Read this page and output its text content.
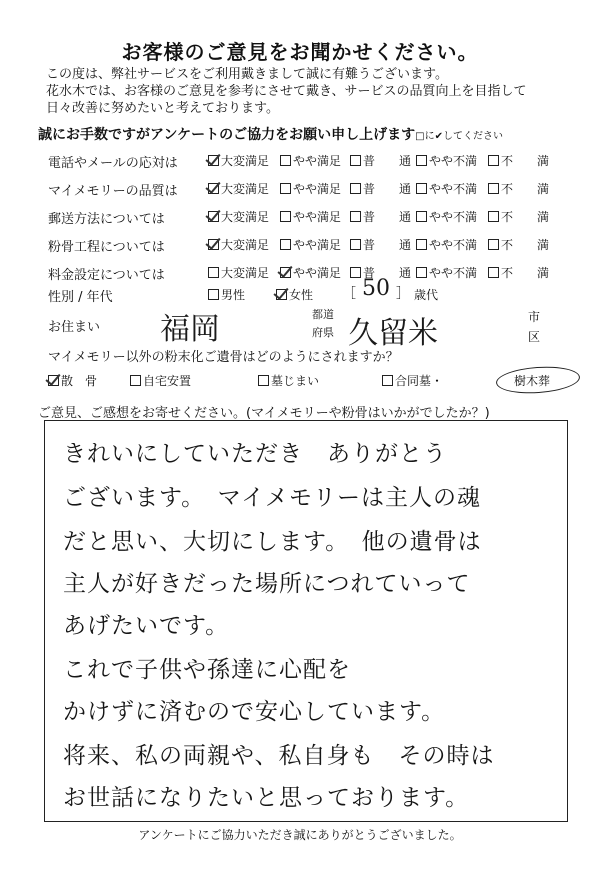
お客様のご意見をお聞かせください。
この度は、弊社サービスをご利用戴きまして誠に有難うございます。
花水木では、お客様のご意見を参考にさせて戴き、サービスの品質向上を目指して
日々改善に努めたいと考えております。
誠にお手数ですがアンケートのご協力をお願い申し上げます□に✔してください
電話やメールの応対は	大変満足	やや満足	普　　通	やや不満	不　　満
マイメモリーの品質は	大変満足	やや満足	普　　通	やや不満	不　　満
郵送方法については	大変満足	やや満足	普　　通	やや不満	不　　満
粉骨工程については	大変満足	やや満足	普　　通	やや不満	不　　満
料金設定については	大変満足	やや満足	普　　通	やや不満	不　　満
性別 / 年代	男性	女性 ［ 50 ］ 歳代
お住まい 福岡	都道
府県 久留米	市
区
マイメモリー以外の粉末化ご遺骨はどのようにされますか？
散　骨	自宅安置	墓じまい	合同墓・	樹木葬
ご意見、ご感想をお寄せください。(マイメモリーや粉骨はいかがでしたか？)
きれいにしていただき　ありがとう
ございます。　マイメモリーは主人の魂
だと思い、大切にします。　他の遺骨は
主人が好きだった場所につれていって
あげたいです。
これで子供や孫達に心配を
かけずに済むので安心しています。
将来、私の両親や、私自身も　その時は
お世話になりたいと思っております。
アンケートにご協力いただき誠にありがとうございました。
